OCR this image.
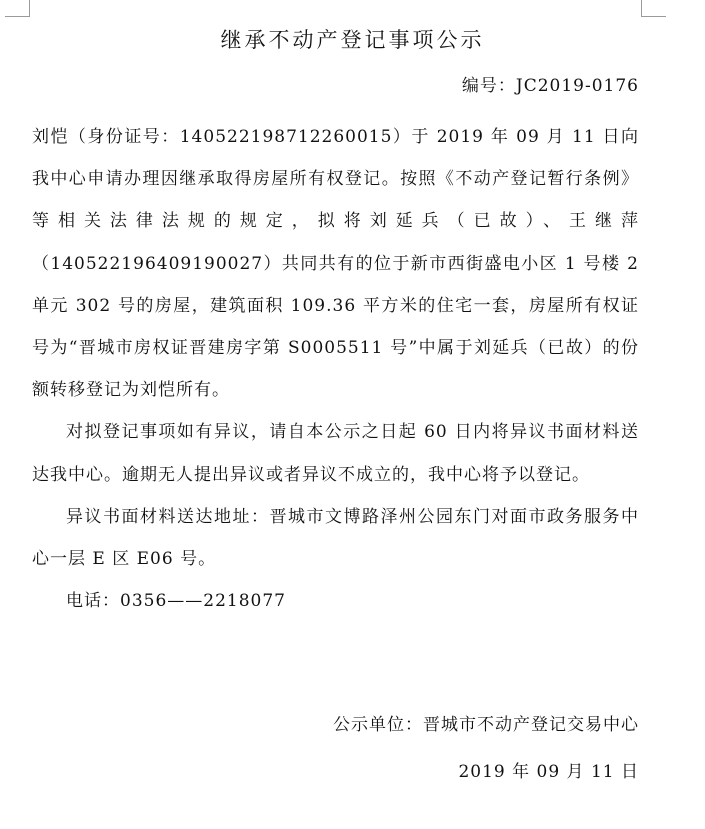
继承不动产登记事项公示
编号：JC2019-0176

刘恺（身份证号：140522198712260015）于 2019 年 09 月 11 日向我中心申请办理因继承取得房屋所有权登记。按照《不动产登记暂行条例》等相关法律法规的规定，拟将刘延兵（已故）、王继萍（140522196409190027）共同共有的位于新市西街盛电小区 1 号楼 2 单元 302 号的房屋，建筑面积 109.36 平方米的住宅一套，房屋所有权证号为“晋城市房权证晋建房字第 S0005511 号”中属于刘延兵（已故）的份额转移登记为刘恺所有。

对拟登记事项如有异议，请自本公示之日起 60 日内将异议书面材料送达我中心。逾期无人提出异议或者异议不成立的，我中心将予以登记。

异议书面材料送达地址：晋城市文博路泽州公园东门对面市政务服务中心一层 E 区 E06 号。

电话：0356——2218077

公示单位：晋城市不动产登记交易中心
2019 年 09 月 11 日
